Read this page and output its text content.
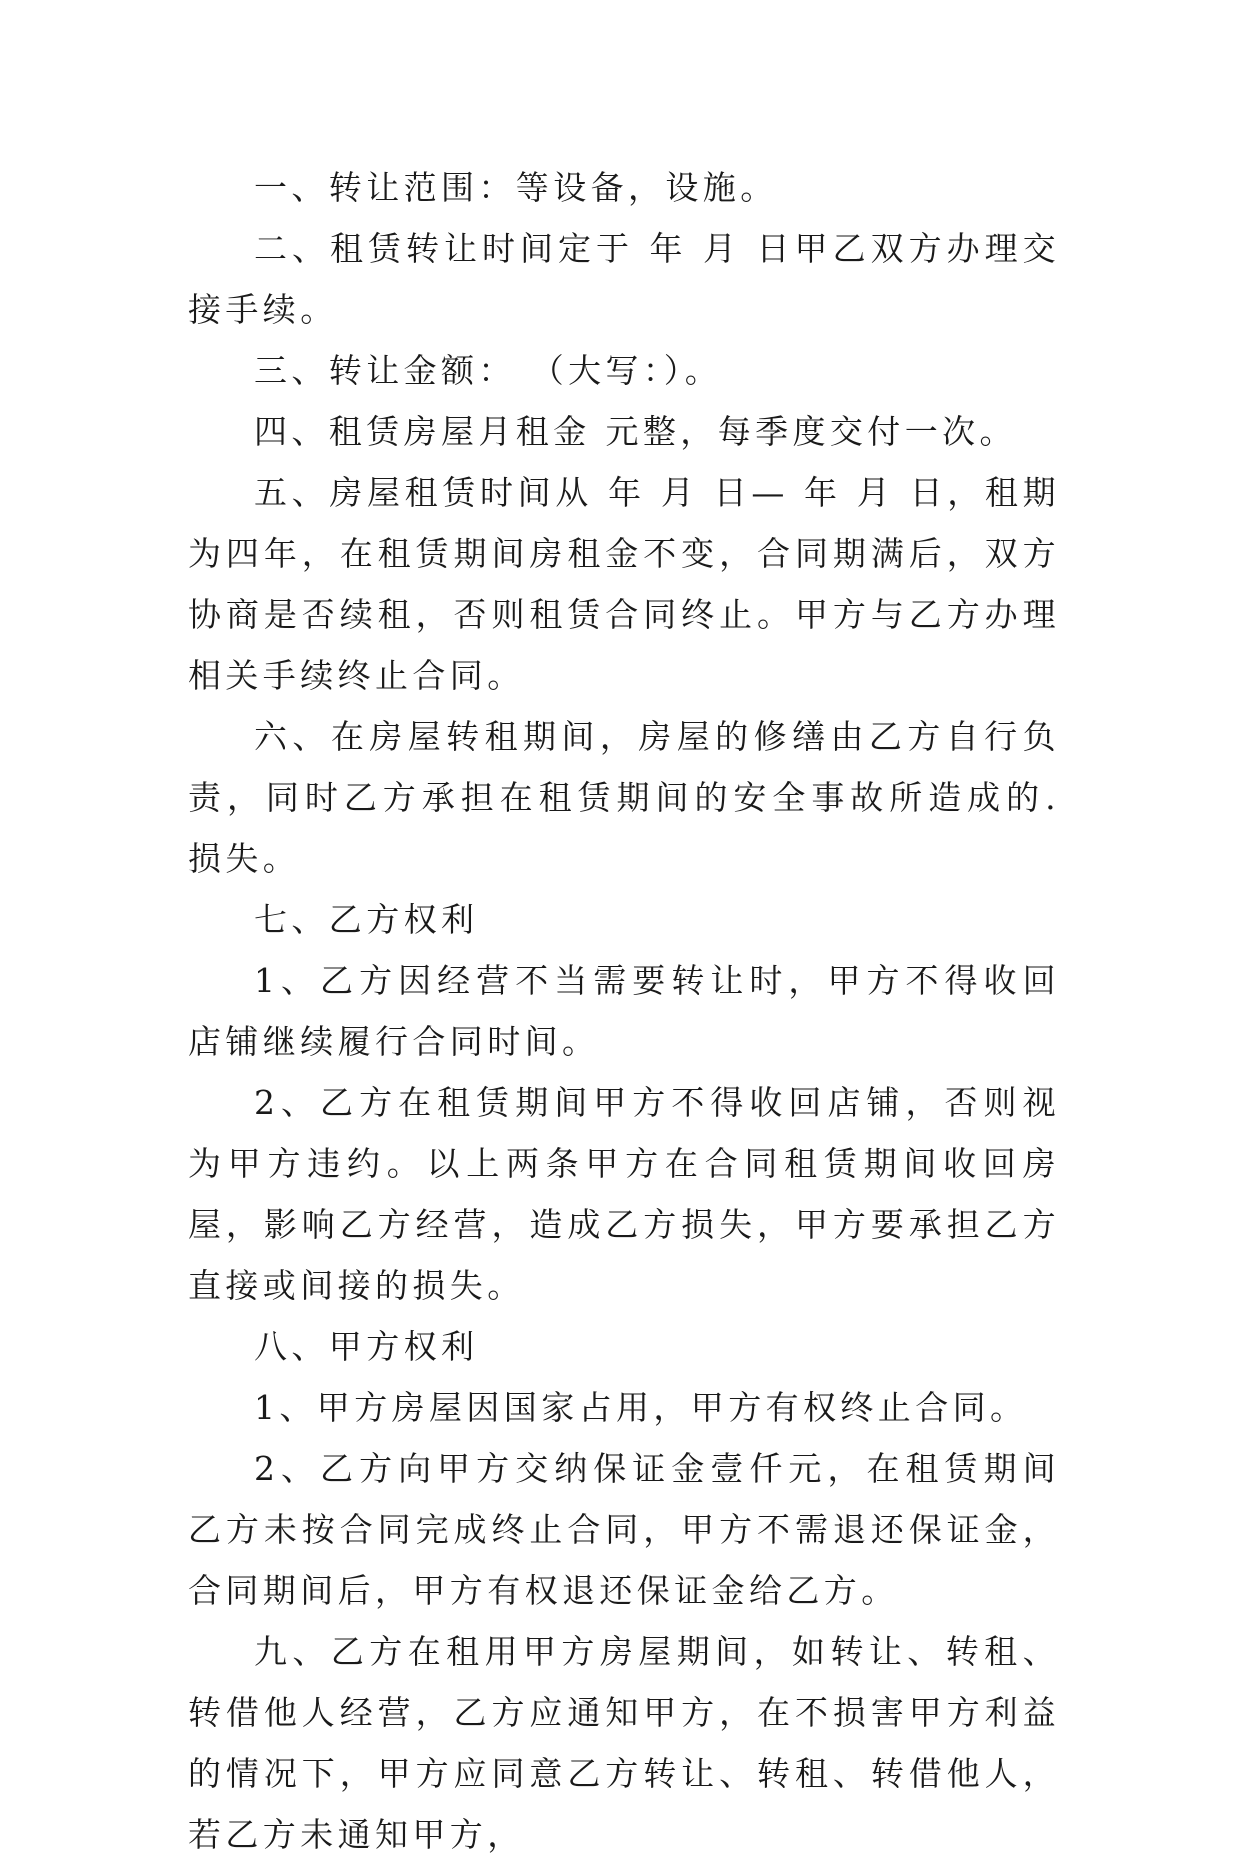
一、转让范围：等设备，设施。

二、租赁转让时间定于 年 月 日甲乙双方办理交接手续。

三、转让金额： （大写：）。

四、租赁房屋月租金 元整，每季度交付一次。

五、房屋租赁时间从 年 月 日— 年 月 日，租期为四年，在租赁期间房租金不变，合同期满后，双方协商是否续租，否则租赁合同终止。甲方与乙方办理相关手续终止合同。

六、在房屋转租期间，房屋的修缮由乙方自行负责，同时乙方承担在租赁期间的安全事故所造成的.损失。

七、乙方权利

1、乙方因经营不当需要转让时，甲方不得收回店铺继续履行合同时间。

2、乙方在租赁期间甲方不得收回店铺，否则视为甲方违约。以上两条甲方在合同租赁期间收回房屋，影响乙方经营，造成乙方损失，甲方要承担乙方直接或间接的损失。

八、甲方权利

1、甲方房屋因国家占用，甲方有权终止合同。

2、乙方向甲方交纳保证金壹仟元，在租赁期间乙方未按合同完成终止合同，甲方不需退还保证金，合同期间后，甲方有权退还保证金给乙方。

九、乙方在租用甲方房屋期间，如转让、转租、转借他人经营，乙方应通知甲方，在不损害甲方利益的情况下，甲方应同意乙方转让、转租、转借他人，若乙方未通知甲方，
